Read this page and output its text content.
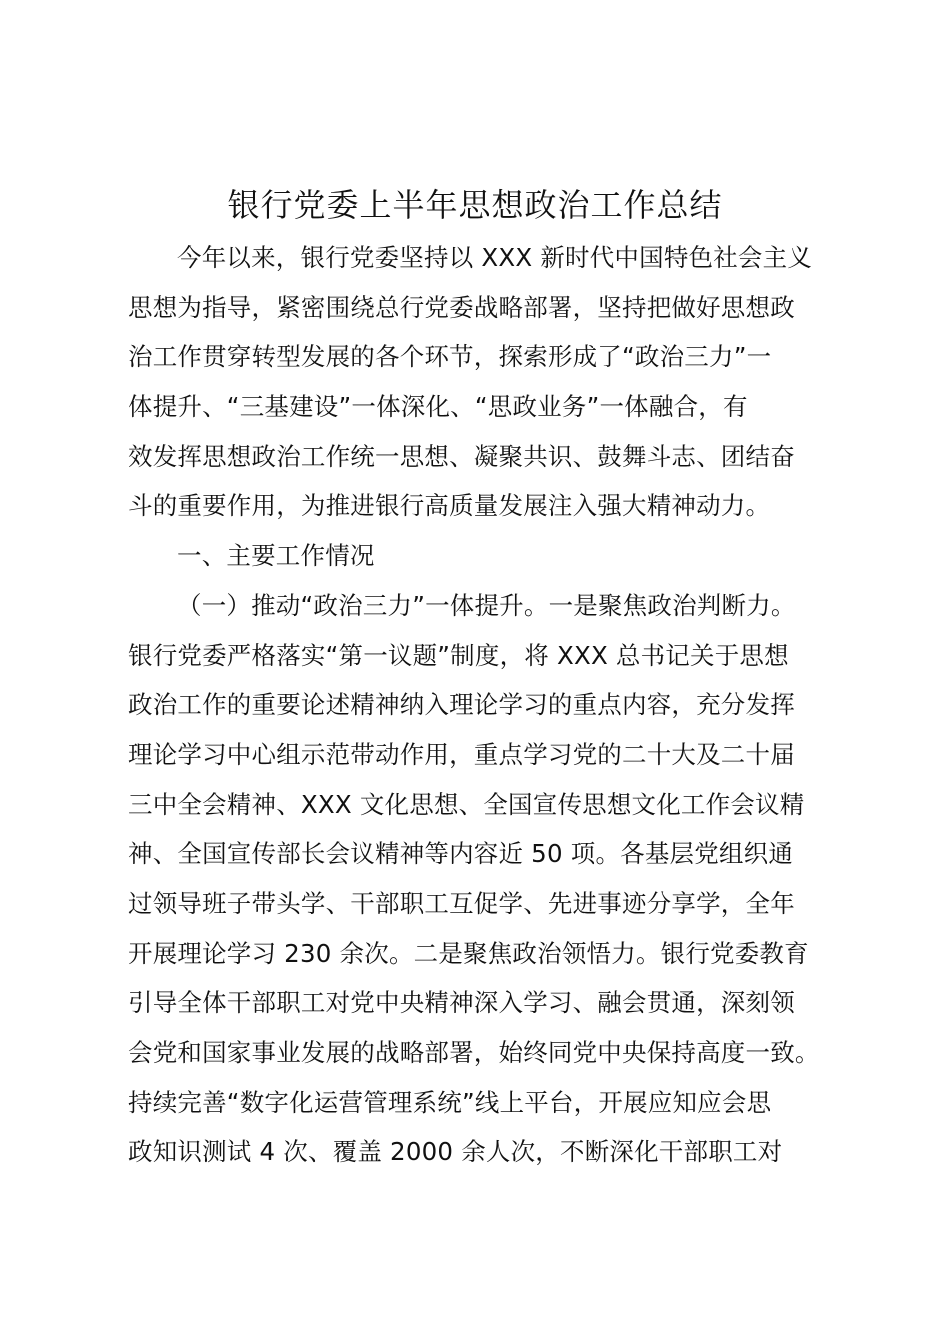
银行党委上半年思想政治工作总结
今年以来，银行党委坚持以 XXX 新时代中国特色社会主义
思想为指导，紧密围绕总行党委战略部署，坚持把做好思想政
治工作贯穿转型发展的各个环节，探索形成了“政治三力”一
体提升、“三基建设”一体深化、“思政业务”一体融合，有
效发挥思想政治工作统一思想、凝聚共识、鼓舞斗志、团结奋
斗的重要作用，为推进银行高质量发展注入强大精神动力。
一、主要工作情况
（一）推动“政治三力”一体提升。一是聚焦政治判断力。
银行党委严格落实“第一议题”制度，将 XXX 总书记关于思想
政治工作的重要论述精神纳入理论学习的重点内容，充分发挥
理论学习中心组示范带动作用，重点学习党的二十大及二十届
三中全会精神、XXX 文化思想、全国宣传思想文化工作会议精
神、全国宣传部长会议精神等内容近 50 项。各基层党组织通
过领导班子带头学、干部职工互促学、先进事迹分享学，全年
开展理论学习 230 余次。二是聚焦政治领悟力。银行党委教育
引导全体干部职工对党中央精神深入学习、融会贯通，深刻领
会党和国家事业发展的战略部署，始终同党中央保持高度一致。
持续完善“数字化运营管理系统”线上平台，开展应知应会思
政知识测试 4 次、覆盖 2000 余人次，不断深化干部职工对
